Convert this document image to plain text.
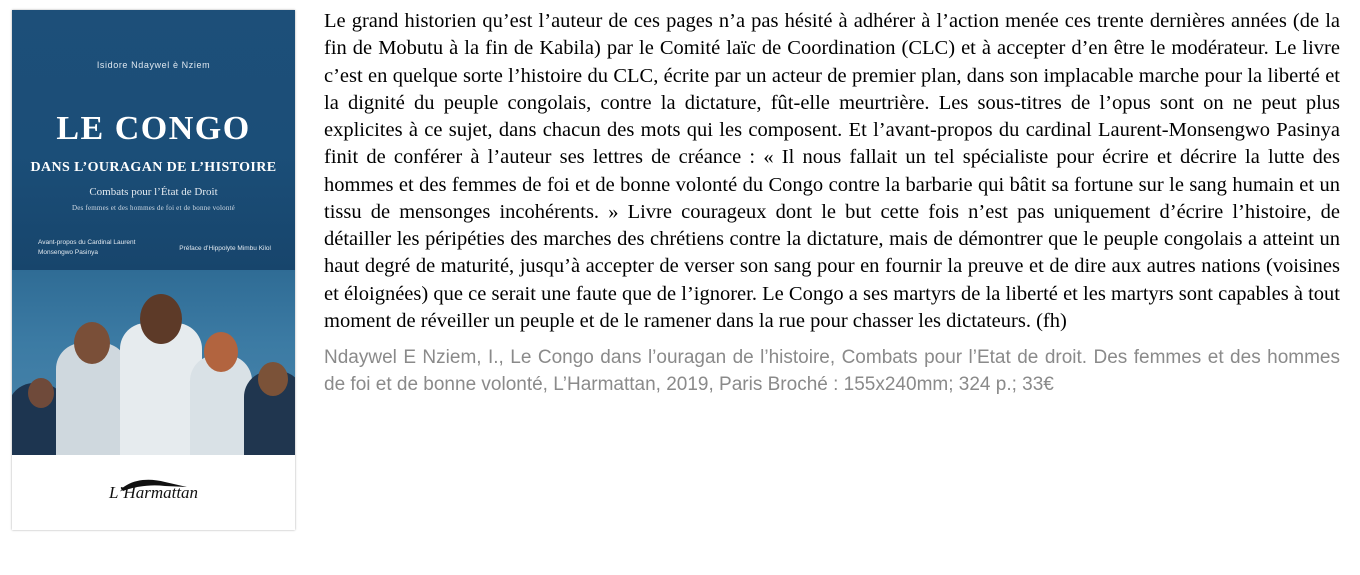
Isidore Ndaywel è Nziem
LE CONGO
DANS L’OURAGAN DE L’HISTOIRE
Combats pour l’État de Droit
Des femmes et des hommes de foi et de bonne volonté
Avant-propos du Cardinal Laurent Monsengwo Pasinya
Préface d’Hippolyte Mimbu Kilol
L’Harmattan

Le grand historien qu’est l’auteur de ces pages n’a pas hésité à adhérer à l’action menée ces trente dernières années (de la fin de Mobutu à la fin de Kabila) par le Comité laïc de Coordination (CLC) et à accepter d’en être le modérateur. Le livre c’est en quelque sorte l’histoire du CLC, écrite par un acteur de premier plan, dans son implacable marche pour la liberté et la dignité du peuple congolais, contre la dictature, fût-elle meurtrière. Les sous-titres de l’opus sont on ne peut plus explicites à ce sujet, dans chacun des mots qui les composent. Et l’avant-propos du cardinal Laurent-Monsengwo Pasinya finit de conférer à l’auteur ses lettres de créance : « Il nous fallait un tel spécialiste pour écrire et décrire la lutte des hommes et des femmes de foi et de bonne volonté du Congo contre la barbarie qui bâtit sa fortune sur le sang humain et un tissu de mensonges incohérents. » Livre courageux dont le but cette fois n’est pas uniquement d’écrire l’histoire, de détailler les péripéties des marches des chrétiens contre la dictature, mais de démontrer que le peuple congolais a atteint un haut degré de maturité, jusqu’à accepter de verser son sang pour en fournir la preuve et de dire aux autres nations (voisines et éloignées) que ce serait une faute que de l’ignorer. Le Congo a ses martyrs de la liberté et les martyrs sont capables à tout moment de réveiller un peuple et de le ramener dans la rue pour chasser les dictateurs. (fh)

Ndaywel E Nziem, I., Le Congo dans l’ouragan de l’histoire, Combats pour l’Etat de droit. Des femmes et des hommes de foi et de bonne volonté, L’Harmattan, 2019, Paris Broché : 155x240mm; 324 p.; 33€
